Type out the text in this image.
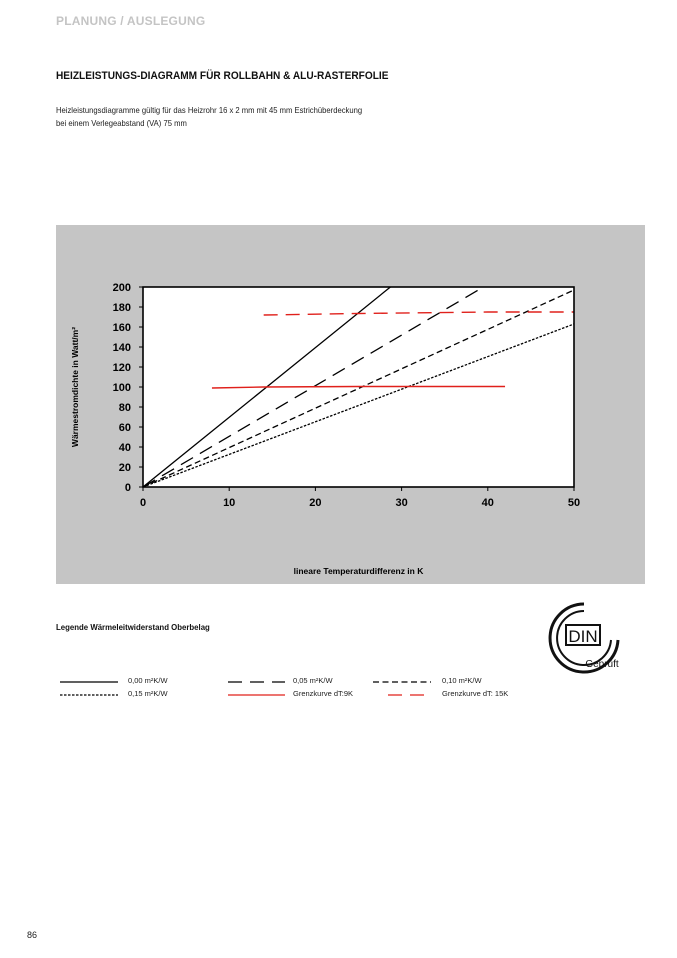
PLANUNG / AUSLEGUNG
HEIZLEISTUNGS-DIAGRAMM FÜR ROLLBAHN & ALU-RASTERFOLIE
Heizleistungsdiagramme gültig für das Heizrohr 16 x 2 mm mit 45 mm Estrichüberdeckung
bei einem Verlegeabstand (VA) 75 mm
0
20
40
60
80
100
120
140
160
180
200
0	10	20	30	40	50
Wärmestromdichte in Watt/m²
lineare Temperaturdifferenz in K
Legende Wärmeleitwiderstand Oberbelag
0,00 m²K/W	0,05 m²K/W	0,10 m²K/W
0,15 m²K/W	Grenzkurve dT:9K	Grenzkurve dT: 15K
DIN
Geprüft
86
